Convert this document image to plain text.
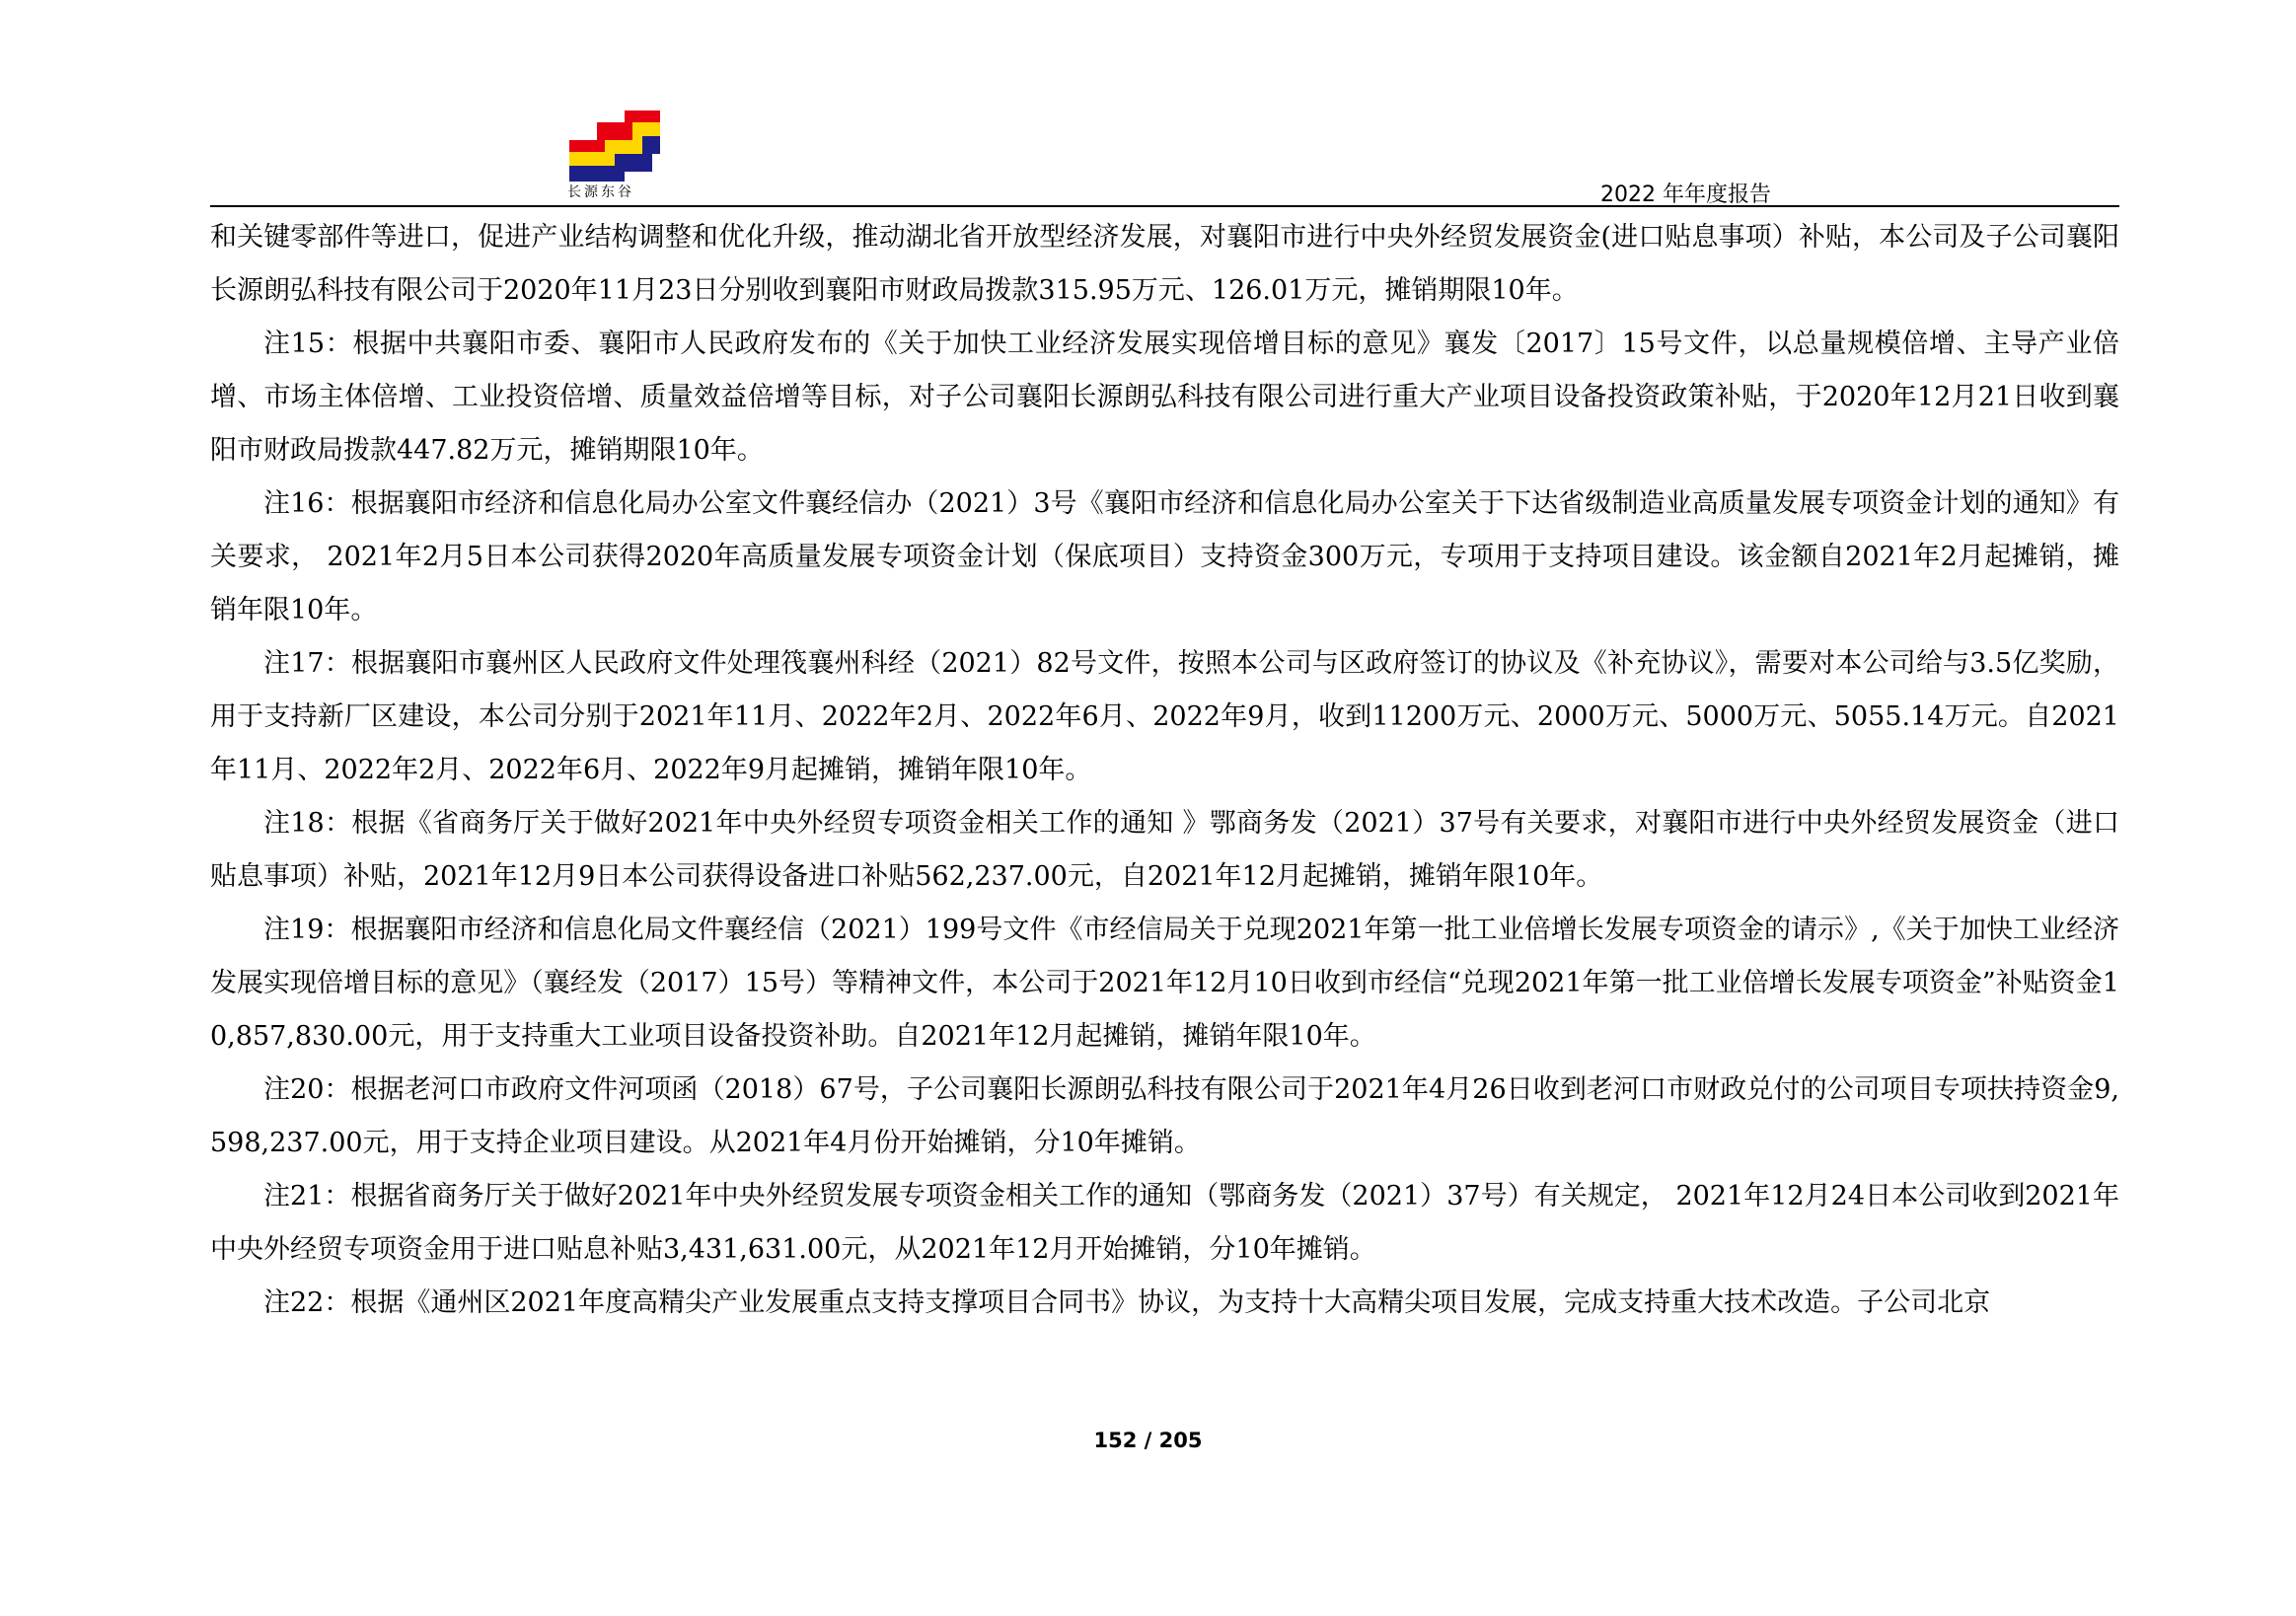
长源东谷	2022 年年度报告

和关键零部件等进口，促进产业结构调整和优化升级，推动湖北省开放型经济发展，对襄阳市进行中央外经贸发展资金(进口贴息事项）补贴，本公司及子公司襄阳长源朗弘科技有限公司于2020年11月23日分别收到襄阳市财政局拨款315.95万元、126.01万元，摊销期限10年。

注15：根据中共襄阳市委、襄阳市人民政府发布的《关于加快工业经济发展实现倍增目标的意见》襄发〔2017〕15号文件，以总量规模倍增、主导产业倍增、市场主体倍增、工业投资倍增、质量效益倍增等目标，对子公司襄阳长源朗弘科技有限公司进行重大产业项目设备投资政策补贴，于2020年12月21日收到襄阳市财政局拨款447.82万元，摊销期限10年。

注16：根据襄阳市经济和信息化局办公室文件襄经信办（2021）3号《襄阳市经济和信息化局办公室关于下达省级制造业高质量发展专项资金计划的通知》有关要求， 2021年2月5日本公司获得2020年高质量发展专项资金计划（保底项目）支持资金300万元，专项用于支持项目建设。该金额自2021年2月起摊销，摊销年限10年。

注17：根据襄阳市襄州区人民政府文件处理筏襄州科经（2021）82号文件，按照本公司与区政府签订的协议及《补充协议》，需要对本公司给与3.5亿奖励，用于支持新厂区建设，本公司分别于2021年11月、2022年2月、2022年6月、2022年9月，收到11200万元、2000万元、5000万元、5055.14万元。自2021年11月、2022年2月、2022年6月、2022年9月起摊销，摊销年限10年。

注18：根据《省商务厅关于做好2021年中央外经贸专项资金相关工作的通知 》鄂商务发（2021）37号有关要求，对襄阳市进行中央外经贸发展资金（进口贴息事项）补贴，2021年12月9日本公司获得设备进口补贴562,237.00元，自2021年12月起摊销，摊销年限10年。

注19：根据襄阳市经济和信息化局文件襄经信（2021）199号文件《市经信局关于兑现2021年第一批工业倍增长发展专项资金的请示》,《关于加快工业经济发展实现倍增目标的意见》（襄经发（2017）15号）等精神文件，本公司于2021年12月10日收到市经信“兑现2021年第一批工业倍增长发展专项资金”补贴资金10,857,830.00元，用于支持重大工业项目设备投资补助。自2021年12月起摊销，摊销年限10年。

注20：根据老河口市政府文件河项函（2018）67号，子公司襄阳长源朗弘科技有限公司于2021年4月26日收到老河口市财政兑付的公司项目专项扶持资金9,598,237.00元，用于支持企业项目建设。从2021年4月份开始摊销，分10年摊销。

注21：根据省商务厅关于做好2021年中央外经贸发展专项资金相关工作的通知（鄂商务发（2021）37号）有关规定， 2021年12月24日本公司收到2021年中央外经贸专项资金用于进口贴息补贴3,431,631.00元，从2021年12月开始摊销，分10年摊销。

注22：根据《通州区2021年度高精尖产业发展重点支持支撑项目合同书》协议，为支持十大高精尖项目发展，完成支持重大技术改造。子公司北京

152 / 205
